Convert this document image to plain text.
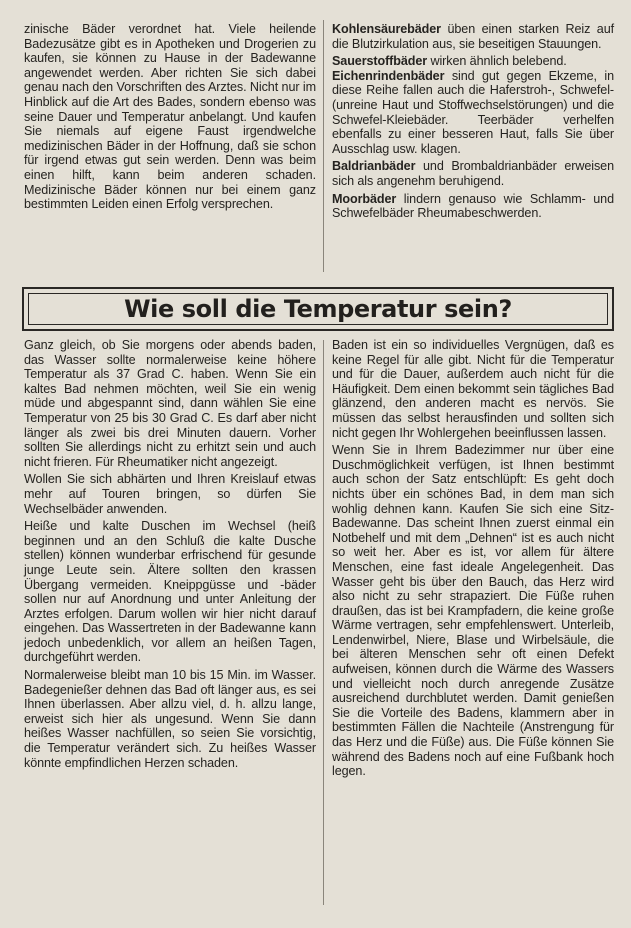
zinische Bäder verordnet hat. Viele heilende Badezusätze gibt es in Apotheken und Drogerien zu kaufen, sie können zu Hause in der Badewanne angewendet werden. Aber richten Sie sich dabei genau nach den Vorschriften des Arztes. Nicht nur im Hinblick auf die Art des Bades, sondern ebenso was seine Dauer und Temperatur anbelangt. Und kaufen Sie niemals auf eigene Faust irgendwelche medizinischen Bäder in der Hoffnung, daß sie schon für irgend etwas gut sein werden. Denn was beim einen hilft, kann beim anderen schaden. Medizinische Bäder können nur bei einem ganz bestimmten Leiden einen Erfolg versprechen.

Kohlensäurebäder üben einen starken Reiz auf die Blutzirkulation aus, sie beseitigen Stauungen.

Sauerstoffbäder wirken ähnlich belebend.
Eichenrindenbäder sind gut gegen Ekzeme, in diese Reihe fallen auch die Haferstroh-, Schwefel-(unreine Haut und Stoffwechselstörungen) und die Schwefel-Kleiebäder. Teerbäder verhelfen ebenfalls zu einer besseren Haut, falls Sie über Ausschlag usw. klagen.

Baldrianbäder und Brombaldrianbäder erweisen sich als angenehm beruhigend.

Moorbäder lindern genauso wie Schlamm- und Schwefelbäder Rheumabeschwerden.

Wie soll die Temperatur sein?

Ganz gleich, ob Sie morgens oder abends baden, das Wasser sollte normalerweise keine höhere Temperatur als 37 Grad C. haben. Wenn Sie ein kaltes Bad nehmen möchten, weil Sie ein wenig müde und abgespannt sind, dann wählen Sie eine Temperatur von 25 bis 30 Grad C. Es darf aber nicht länger als zwei bis drei Minuten dauern. Vorher sollten Sie allerdings nicht zu erhitzt sein und auch nicht frieren. Für Rheumatiker nicht angezeigt.

Wollen Sie sich abhärten und Ihren Kreislauf etwas mehr auf Touren bringen, so dürfen Sie Wechselbäder anwenden.

Heiße und kalte Duschen im Wechsel (heiß beginnen und an den Schluß die kalte Dusche stellen) können wunderbar erfrischend für gesunde junge Leute sein. Ältere sollten den krassen Übergang vermeiden. Kneippgüsse und -bäder sollen nur auf Anordnung und unter Anleitung der Arztes erfolgen. Darum wollen wir hier nicht darauf eingehen. Das Wassertreten in der Badewanne kann jedoch unbedenklich, vor allem an heißen Tagen, durchgeführt werden.

Normalerweise bleibt man 10 bis 15 Min. im Wasser. Badegenießer dehnen das Bad oft länger aus, es sei Ihnen überlassen. Aber allzu viel, d. h. allzu lange, erweist sich hier als ungesund. Wenn Sie dann heißes Wasser nachfüllen, so seien Sie vorsichtig, die Temperatur verändert sich. Zu heißes Wasser könnte empfindlichen Herzen schaden.

Baden ist ein so individuelles Vergnügen, daß es keine Regel für alle gibt. Nicht für die Temperatur und für die Dauer, außerdem auch nicht für die Häufigkeit. Dem einen bekommt sein tägliches Bad glänzend, den anderen macht es nervös. Sie müssen das selbst herausfinden und sollten sich nicht gegen Ihr Wohlergehen beeinflussen lassen.

Wenn Sie in Ihrem Badezimmer nur über eine Duschmöglichkeit verfügen, ist Ihnen bestimmt auch schon der Satz entschlüpft: Es geht doch nichts über ein schönes Bad, in dem man sich wohlig dehnen kann. Kaufen Sie sich eine Sitz-Badewanne. Das scheint Ihnen zuerst einmal ein Notbehelf und mit dem „Dehnen“ ist es auch nicht so weit her. Aber es ist, vor allem für ältere Menschen, eine fast ideale Angelegenheit. Das Wasser geht bis über den Bauch, das Herz wird also nicht zu sehr strapaziert. Die Füße ruhen draußen, das ist bei Krampfadern, die keine große Wärme vertragen, sehr empfehlenswert. Unterleib, Lendenwirbel, Niere, Blase und Wirbelsäule, die bei älteren Menschen sehr oft einen Defekt aufweisen, können durch die Wärme des Wassers und vielleicht noch durch anregende Zusätze ausreichend durchblutet werden. Damit genießen Sie die Vorteile des Badens, klammern aber in bestimmten Fällen die Nachteile (Anstrengung für das Herz und die Füße) aus. Die Füße können Sie während des Badens noch auf eine Fußbank hoch legen.
